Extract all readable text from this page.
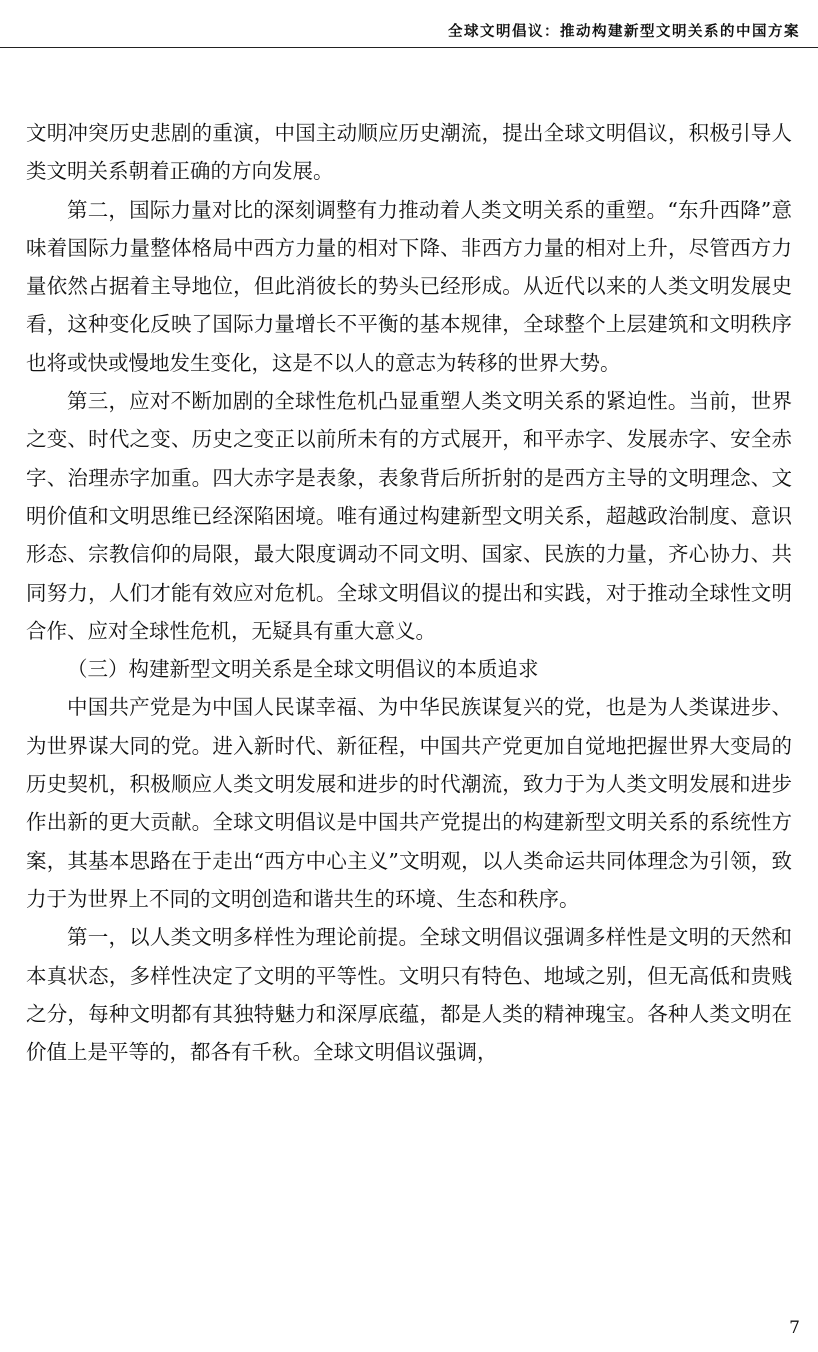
全球文明倡议：推动构建新型文明关系的中国方案

文明冲突历史悲剧的重演，中国主动顺应历史潮流，提出全球文明倡议，积极引导人类文明关系朝着正确的方向发展。

第二，国际力量对比的深刻调整有力推动着人类文明关系的重塑。“东升西降”意味着国际力量整体格局中西方力量的相对下降、非西方力量的相对上升，尽管西方力量依然占据着主导地位，但此消彼长的势头已经形成。从近代以来的人类文明发展史看，这种变化反映了国际力量增长不平衡的基本规律，全球整个上层建筑和文明秩序也将或快或慢地发生变化，这是不以人的意志为转移的世界大势。

第三，应对不断加剧的全球性危机凸显重塑人类文明关系的紧迫性。当前，世界之变、时代之变、历史之变正以前所未有的方式展开，和平赤字、发展赤字、安全赤字、治理赤字加重。四大赤字是表象，表象背后所折射的是西方主导的文明理念、文明价值和文明思维已经深陷困境。唯有通过构建新型文明关系，超越政治制度、意识形态、宗教信仰的局限，最大限度调动不同文明、国家、民族的力量，齐心协力、共同努力，人们才能有效应对危机。全球文明倡议的提出和实践，对于推动全球性文明合作、应对全球性危机，无疑具有重大意义。

（三）构建新型文明关系是全球文明倡议的本质追求

中国共产党是为中国人民谋幸福、为中华民族谋复兴的党，也是为人类谋进步、为世界谋大同的党。进入新时代、新征程，中国共产党更加自觉地把握世界大变局的历史契机，积极顺应人类文明发展和进步的时代潮流，致力于为人类文明发展和进步作出新的更大贡献。全球文明倡议是中国共产党提出的构建新型文明关系的系统性方案，其基本思路在于走出“西方中心主义”文明观，以人类命运共同体理念为引领，致力于为世界上不同的文明创造和谐共生的环境、生态和秩序。

第一，以人类文明多样性为理论前提。全球文明倡议强调多样性是文明的天然和本真状态，多样性决定了文明的平等性。文明只有特色、地域之别，但无高低和贵贱之分，每种文明都有其独特魅力和深厚底蕴，都是人类的精神瑰宝。各种人类文明在价值上是平等的，都各有千秋。全球文明倡议强调，

7
